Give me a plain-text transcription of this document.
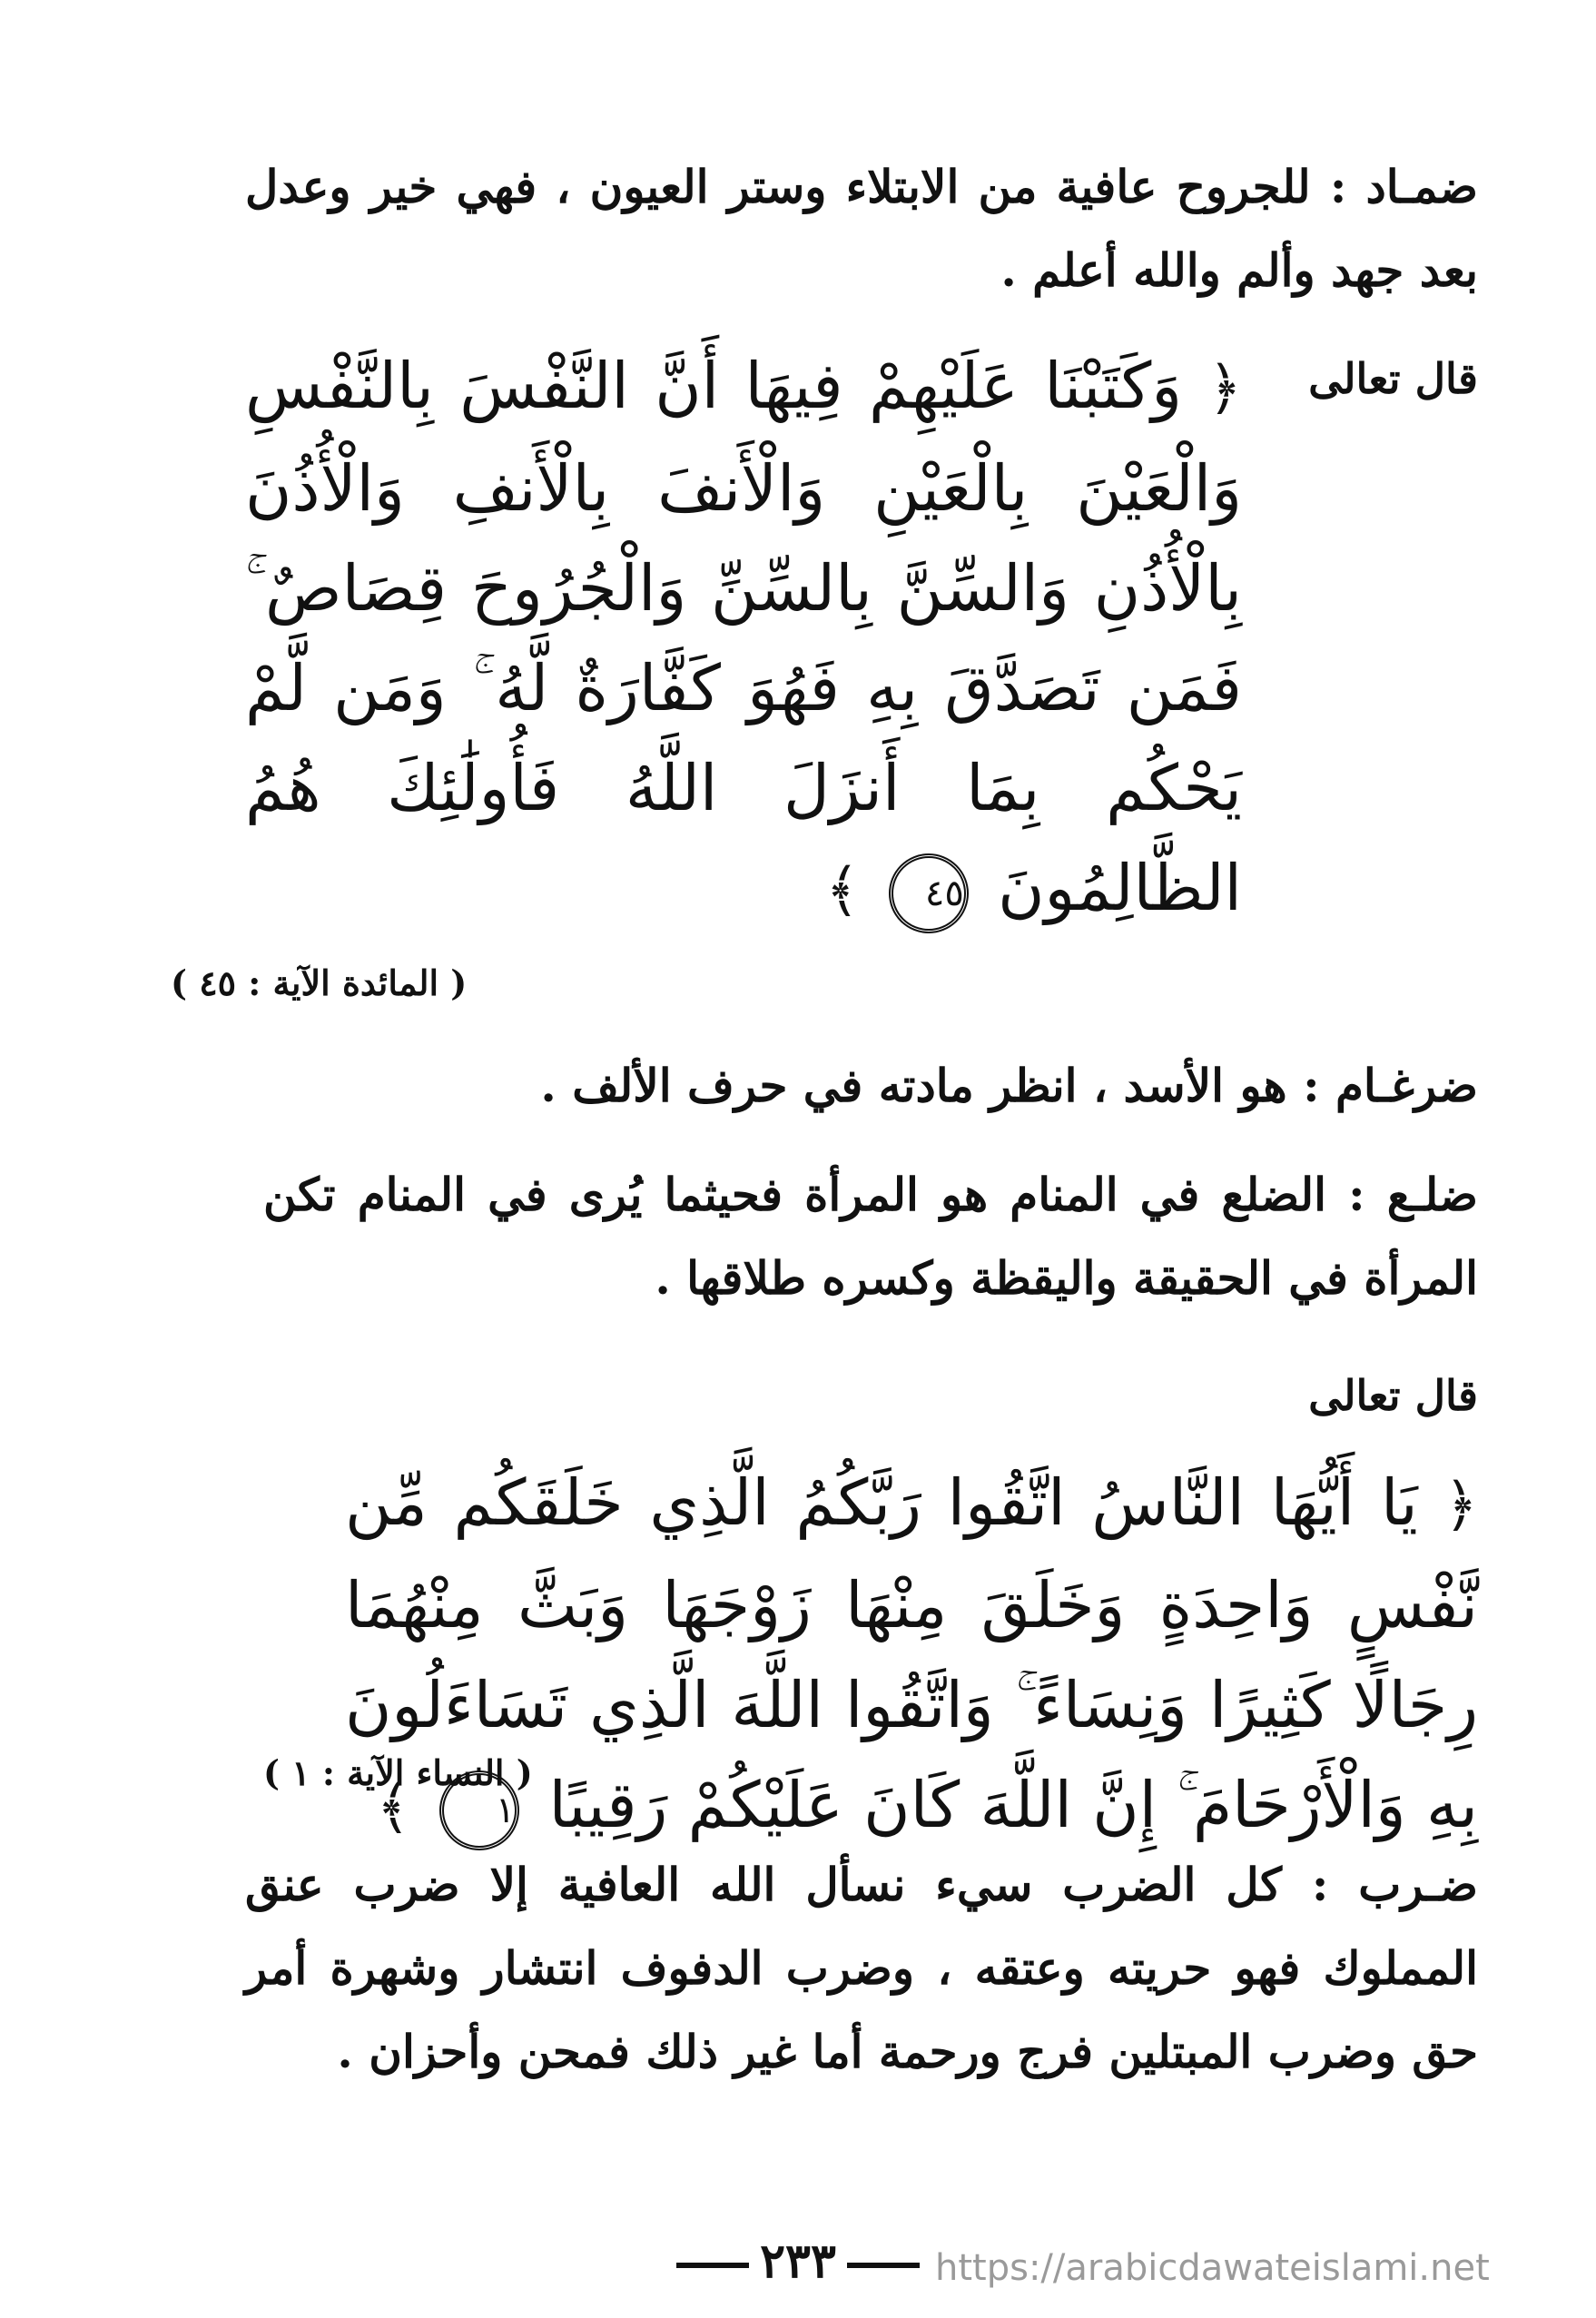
ضمـاد : للجروح عافية من الابتلاء وستر العيون ، فهي خير وعدل بعد جهد وألم والله أعلم .
قال تعالى
﴿ وَكَتَبْنَا عَلَيْهِمْ فِيهَا أَنَّ النَّفْسَ بِالنَّفْسِ وَالْعَيْنَ بِالْعَيْنِ وَالْأَنفَ بِالْأَنفِ وَالْأُذُنَ بِالْأُذُنِ وَالسِّنَّ بِالسِّنِّ وَالْجُرُوحَ قِصَاصٌ ۚ فَمَن تَصَدَّقَ بِهِ فَهُوَ كَفَّارَةٌ لَّهُ ۚ وَمَن لَّمْ يَحْكُم بِمَا أَنزَلَ اللَّهُ فَأُولَٰئِكَ هُمُ الظَّالِمُونَ ٤٥ ﴾
( المائدة الآية : ٤٥ )
ضرغـام : هو الأسد ، انظر مادته في حرف الألف .
ضلـع : الضلع في المنام هو المرأة فحيثما يُرى في المنام تكن المرأة في الحقيقة واليقظة وكسره طلاقها .
قال تعالى
﴿ يَا أَيُّهَا النَّاسُ اتَّقُوا رَبَّكُمُ الَّذِي خَلَقَكُم مِّن نَّفْسٍ وَاحِدَةٍ وَخَلَقَ مِنْهَا زَوْجَهَا وَبَثَّ مِنْهُمَا رِجَالًا كَثِيرًا وَنِسَاءً ۚ وَاتَّقُوا اللَّهَ الَّذِي تَسَاءَلُونَ بِهِ وَالْأَرْحَامَ ۚ إِنَّ اللَّهَ كَانَ عَلَيْكُمْ رَقِيبًا ١ ﴾
( النساء الآية : ١ )
ضـرب : كل الضرب سيء نسأل الله العافية إلا ضرب عنق المملوك فهو حريته وعتقه ، وضرب الدفوف انتشار وشهرة أمر حق وضرب المبتلين فرج ورحمة أما غير ذلك فمحن وأحزان .
٢٣٣	https://arabicdawateislami.net
